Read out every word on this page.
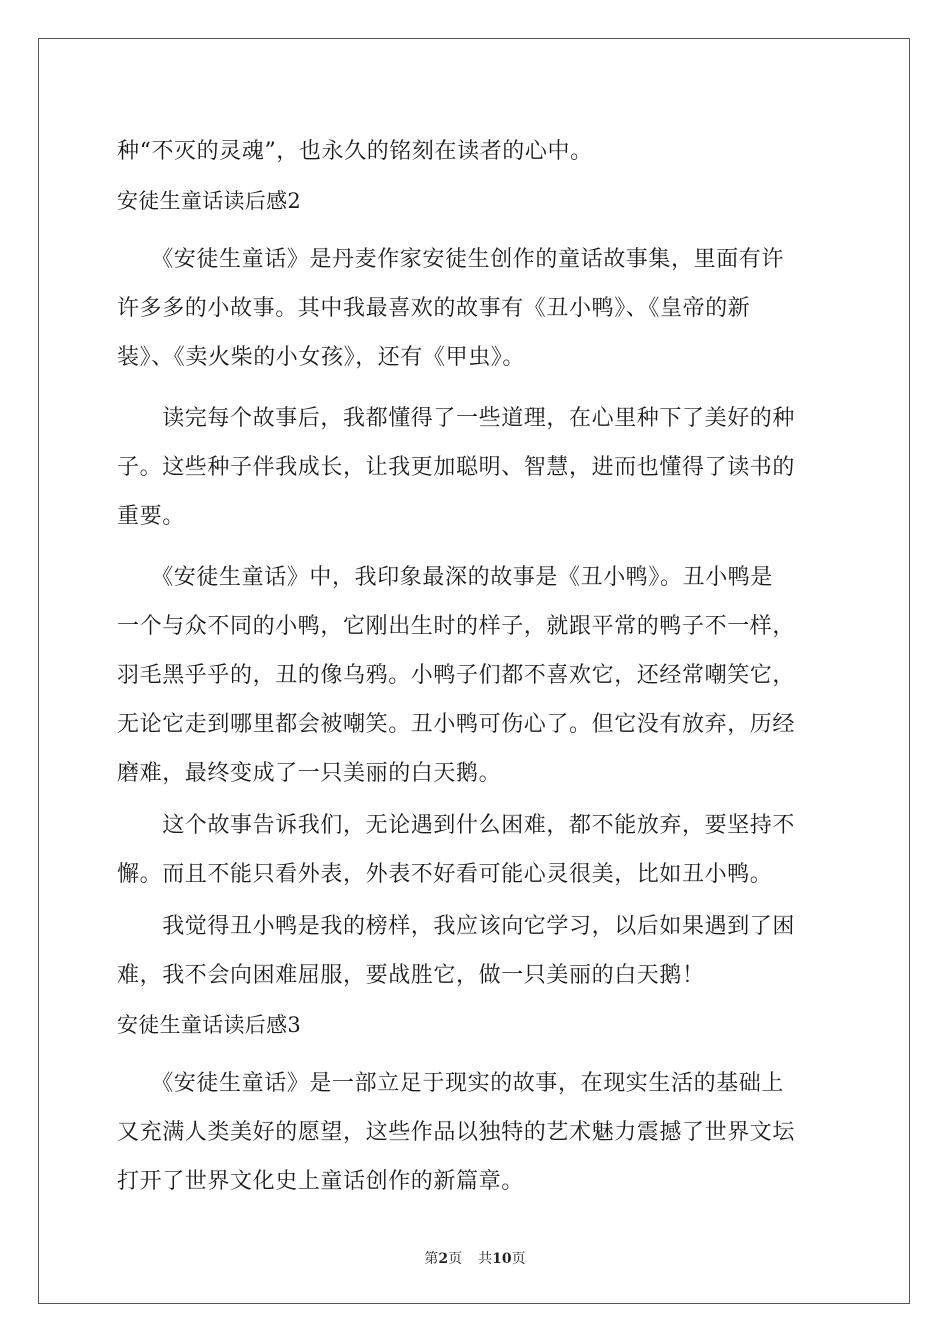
种“不灭的灵魂”，也永久的铭刻在读者的心中。
安徒生童话读后感2
　　《安徒生童话》是丹麦作家安徒生创作的童话故事集，里面有许
许多多的小故事。其中我最喜欢的故事有《丑小鸭》、《皇帝的新
装》、《卖火柴的小女孩》，还有《甲虫》。
　　读完每个故事后，我都懂得了一些道理，在心里种下了美好的种
子。这些种子伴我成长，让我更加聪明、智慧，进而也懂得了读书的
重要。
　　《安徒生童话》中，我印象最深的故事是《丑小鸭》。丑小鸭是
一个与众不同的小鸭，它刚出生时的样子，就跟平常的鸭子不一样，
羽毛黑乎乎的，丑的像乌鸦。小鸭子们都不喜欢它，还经常嘲笑它，
无论它走到哪里都会被嘲笑。丑小鸭可伤心了。但它没有放弃，历经
磨难，最终变成了一只美丽的白天鹅。
　　这个故事告诉我们，无论遇到什么困难，都不能放弃，要坚持不
懈。而且不能只看外表，外表不好看可能心灵很美，比如丑小鸭。
　　我觉得丑小鸭是我的榜样，我应该向它学习，以后如果遇到了困
难，我不会向困难屈服，要战胜它，做一只美丽的白天鹅！
安徒生童话读后感3
　　《安徒生童话》是一部立足于现实的故事，在现实生活的基础上
又充满人类美好的愿望，这些作品以独特的艺术魅力震撼了世界文坛
打开了世界文化史上童话创作的新篇章。
第2页 共10页
